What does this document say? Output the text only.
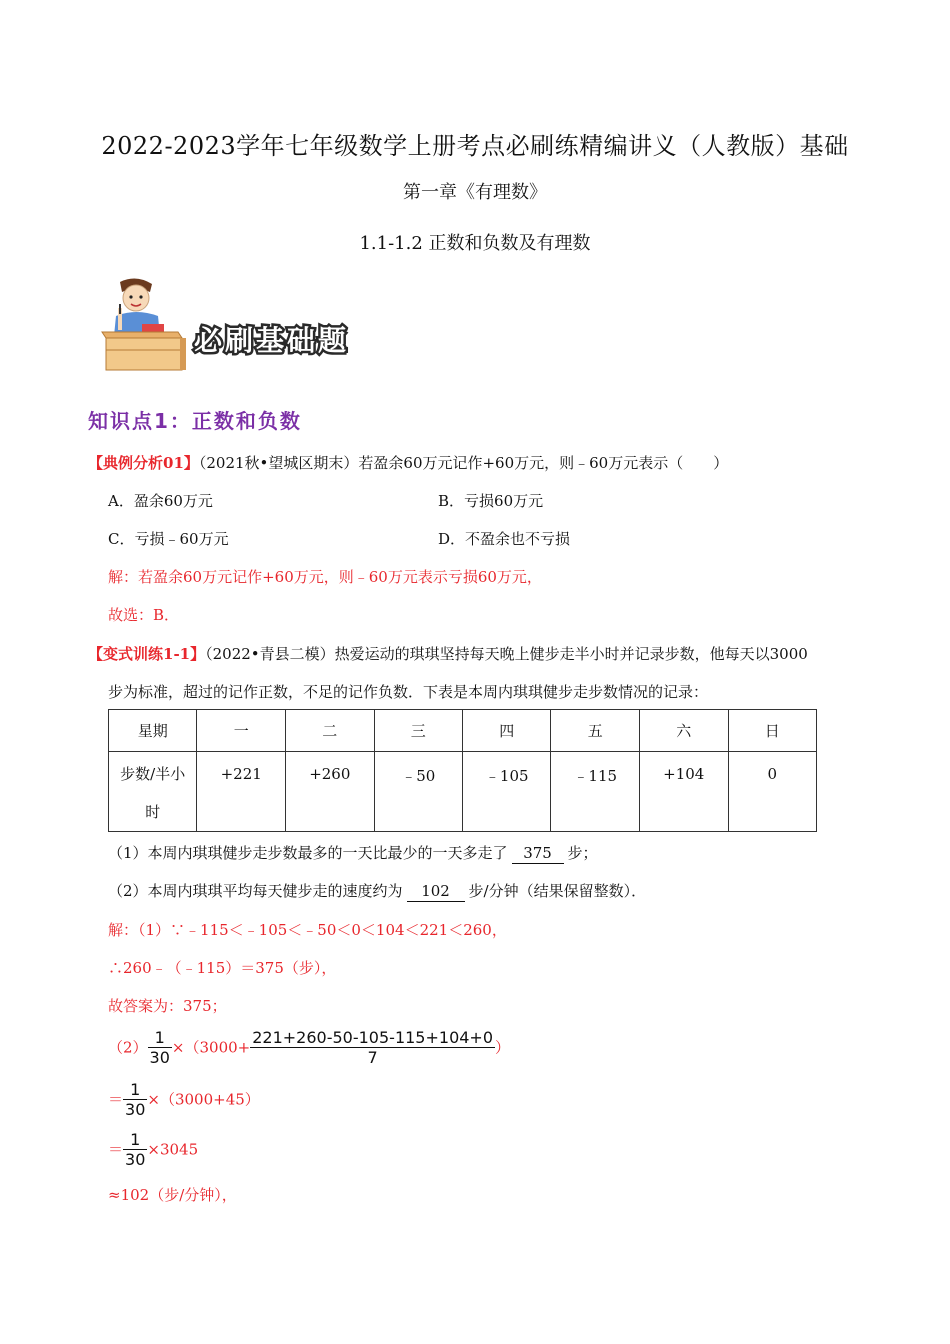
2022-2023学年七年级数学上册考点必刷练精编讲义（人教版）基础
第一章《有理数》
1.1-1.2 正数和负数及有理数
必刷基础题
知识点1：正数和负数
【典例分析01】（2021秋•望城区期末）若盈余60万元记作+60万元，则﹣60万元表示（　　）
A．盈余60万元	B．亏损60万元
C．亏损﹣60万元	D．不盈余也不亏损
解：若盈余60万元记作+60万元，则﹣60万元表示亏损60万元，
故选：B．
【变式训练1-1】（2022•青县二模）热爱运动的琪琪坚持每天晚上健步走半小时并记录步数，他每天以3000
步为标准，超过的记作正数，不足的记作负数．下表是本周内琪琪健步走步数情况的记录：
星期	一	二	三	四	五	六	日

步数/半小
时	+221	+260	﹣50	﹣105	﹣115	+104	0
（1）本周内琪琪健步走步数最多的一天比最少的一天多走了 375 步；
（2）本周内琪琪平均每天健步走的速度约为 102 步/分钟（结果保留整数）．
解：（1）∵﹣115＜﹣105＜﹣50＜0＜104＜221＜260，
∴260﹣（﹣115）＝375（步），
故答案为：375；
$(2) \frac{1}{30} \times(3000+ \frac{221+260-50-105-115+104+0}{7}$ ）
＝ $\frac{1}{30} \times(3000+45)$
＝ $\frac{1}{30} \times 3045$
≈102（步/分钟），
